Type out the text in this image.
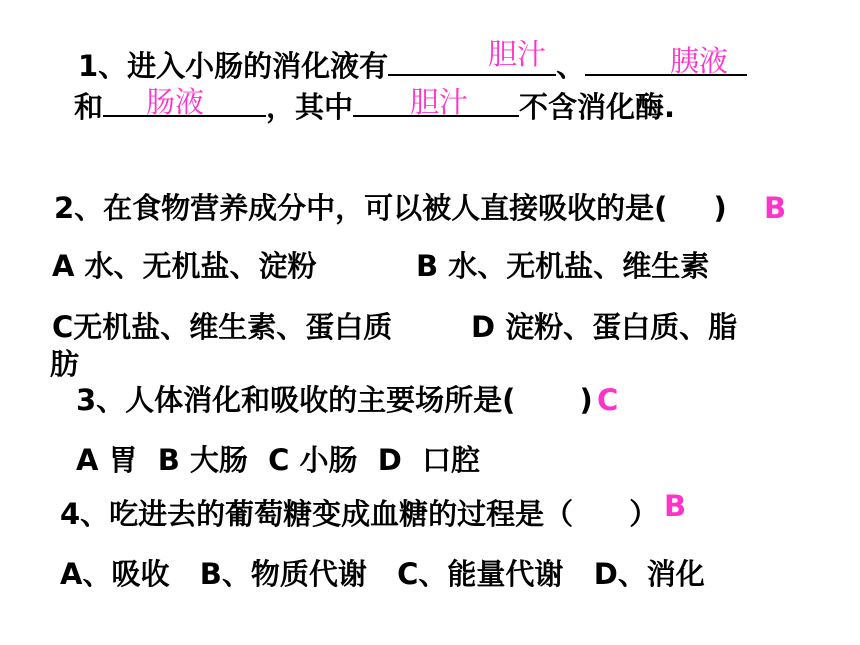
1、进入小肠的消化液有	、
胆汁	胰液
和	，其中	不含消化酶.
肠液	胆汁
2、在食物营养成分中，可以被人直接吸收的是( ) B
A 水、无机盐、淀粉	B 水、无机盐、维生素
C无机盐、维生素、蛋白质	D 淀粉、蛋白质、脂
肪
3、人体消化和吸收的主要场所是( ) C
A 胃  B 大肠  C 小肠  D  口腔
4、吃进去的葡萄糖变成血糖的过程是（ ） B
A、吸收   B、物质代谢   C、能量代谢   D、消化
